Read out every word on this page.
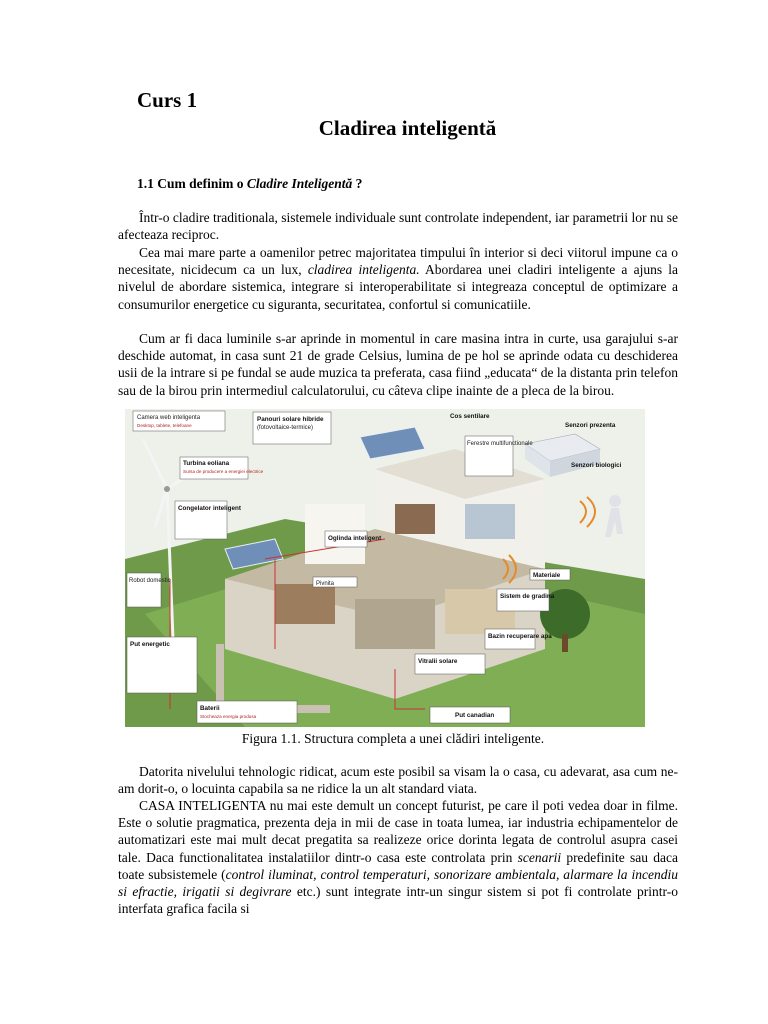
Curs 1
Cladirea inteligentă

1.1 Cum definim o Cladire Inteligentă ?

Într-o cladire traditionala, sistemele individuale sunt controlate independent, iar parametrii lor nu se afecteaza reciproc.

Cea mai mare parte a oamenilor petrec majoritatea timpului în interior si deci viitorul impune ca o necesitate, nicidecum ca un lux, cladirea inteligenta. Abordarea unei cladiri inteligente a ajuns la nivelul de abordare sistemica, integrare si interoperabilitate si integreaza conceptul de optimizare a consumurilor energetice cu siguranta, securitatea, confortul si comunicatiile.

Cum ar fi daca luminile s-ar aprinde in momentul in care masina intra in curte, usa garajului s-ar deschide automat, in casa sunt 21 de grade Celsius, lumina de pe hol se aprinde odata cu deschiderea usii de la intrare si pe fundal se aude muzica ta preferata, casa fiind „educata“ de la distanta prin telefon sau de la birou prin intermediul calculatorului, cu câteva clipe inainte de a pleca de la birou.

Camera web inteligenta
Desktop, tablete, telefoane
Panouri solare hibride
(fotovoltaice-termice)
Cos sentilare
Senzori prezenta
Turbina eoliana
Sursa de producere a energiei electrice
Ferestre multifunctionale
Congelator inteligent
Senzori biologici
Oglinda inteligent
Robot domestic	Pivnita
Materiale
Sistem de gradina
Put energetic
Bazin recuperare apa
Vitralii solare
Baterii
Stocheaza energia produsa	Put canadian

Figura 1.1. Structura completa a unei clădiri inteligente.

Datorita nivelului tehnologic ridicat, acum este posibil sa visam la o casa, cu adevarat, asa cum ne-am dorit-o, o locuinta capabila sa ne ridice la un alt standard viata.

CASA INTELIGENTA nu mai este demult un concept futurist, pe care il poti vedea doar in filme. Este o solutie pragmatica, prezenta deja in mii de case in toata lumea, iar industria echipamentelor de automatizari este mai mult decat pregatita sa realizeze orice dorinta legata de controlul asupra casei tale. Daca functionalitatea instalatiilor dintr-o casa este controlata prin scenarii predefinite sau daca toate subsistemele (control iluminat, control temperaturi, sonorizare ambientala, alarmare la incendiu si efractie, irigatii si degivrare etc.) sunt integrate intr-un singur sistem si pot fi controlate printr-o interfata grafica facila si
